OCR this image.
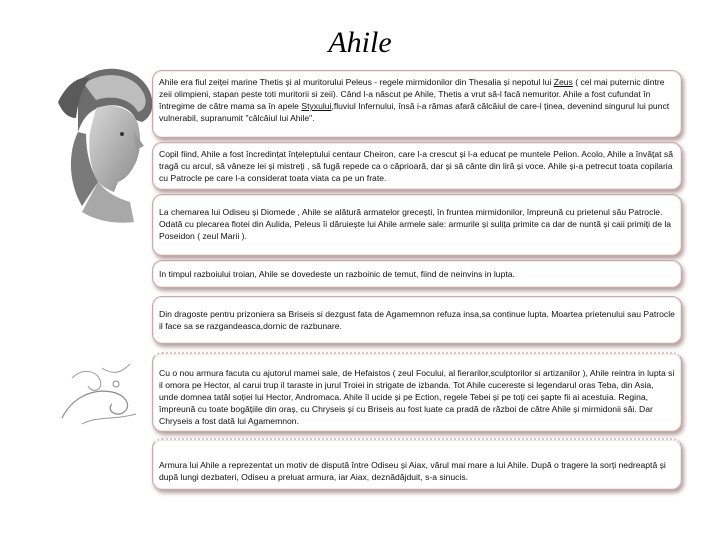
Ahile

Ahile era fiul zeiței marine Thetis și al muritorului Peleus - regele mirmidonilor din Thesalia și nepotul lui Zeus ( cel mai puternic dintre zeii olimpieni, stapan peste toti muritorii si zeii). Când l-a născut pe Ahile, Thetis a vrut să-l facă nemuritor. Ahile a fost cufundat în întregime de către mama sa în apele Styxului,fluviul Infernului, însă i-a rămas afară călcâiul de care-l ținea, devenind singurul lui punct vulnerabil, supranumit "călcâiul lui Ahile".

Copil fiind, Ahile a fost încredințat înțeleptului centaur Cheiron, care l-a crescut și l-a educat pe muntele Pelion. Acolo, Ahile a învățat să tragă cu arcul, să vâneze lei și mistreți , să fugă repede ca o căprioară, dar și să cânte din liră și voce. Ahile și-a petrecut toata copilaria cu Patrocle pe care l-a considerat toata viata ca pe un frate.

La chemarea lui Odiseu și Diomede , Ahile se alătură armatelor grecești, în fruntea mirmidonilor, împreună cu prietenul său Patrocle. Odată cu plecarea flotei din Aulida, Peleus îi dăruiește lui Ahile armele sale: armurile și sulița primite ca dar de nuntă și caii primiți de la Poseidon ( zeul Marii ).

In timpul razboiului troian, Ahile se dovedeste un razboinic de temut, fiind de neinvins in lupta.

Din dragoste pentru prizoniera sa Briseis si dezgust fata de Agamemnon refuza insa,sa continue lupta. Moartea prietenului sau Patrocle il face sa se razgandeasca,dornic de razbunare.

Cu o nou armura facuta cu ajutorul mamei sale, de Hefaistos ( zeul Focului, al fierarilor,sculptorilor si artizanilor ), Ahile reintra in lupta si il omora pe Hector, al carui trup il taraste in jurul Troiei in strigate de izbanda. Tot Ahile cucereste si legendarul oras Teba, din Asia, unde domnea tatăl soției lui Hector, Andromaca. Ahile îl ucide și pe Ection, regele Tebei și pe toți cei șapte fii ai acestuia. Regina, împreună cu toate bogățiile din oraș, cu Chryseis și cu Briseis au fost luate ca pradă de război de către Ahile și mirmidonii săi. Dar Chryseis a fost dată lui Agamemnon.

Armura lui Ahile a reprezentat un motiv de dispută între Odiseu și Aiax, vărul mai mare a lui Ahile. După o tragere la sorți nedreaptă și după lungi dezbateri, Odiseu a preluat armura, iar Aiax, deznădăjduit, s-a sinucis.
